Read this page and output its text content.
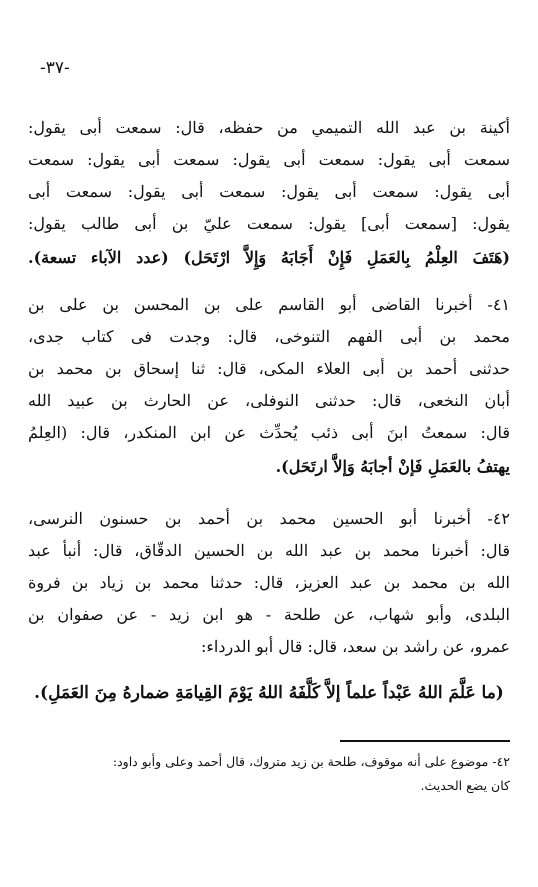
-٣٧-
أكينة بن عبد الله التميمي من حفظه، قال: سمعت أبى يقول:
سمعت أبى يقول: سمعت أبى يقول: سمعت أبى يقول: سمعت
أبى يقول: سمعت أبى يقول: سمعت أبى يقول: سمعت أبى
يقول: [سمعت أبى] يقول: سمعت عليّ بن أبى طالب يقول:
(هَتَفَ العِلْمُ بِالعَمَلِ فَإِنْ أَجَابَهُ وَإِلاَّ ارْتَحَل) (عدد الآباء تسعة).
٤١- أخبرنا القاضى أبو القاسم على بن المحسن بن على بن
محمد بن أبى الفهم التنوخى، قال: وجدت فى كتاب جدى،
حدثنى أحمد بن أبى العلاء المكى، قال: ثنا إسحاق بن محمد بن
أبان النخعى، قال: حدثنى النوفلى، عن الحارث بن عبيد الله
قال: سمعتُ ابنَ أبى ذئب يُحدِّث عن ابن المنكدر، قال: (العِلمُ
يهتفُ بالعَمَلِ فَإنْ أجابَهُ وَإلاَّ ارتَحَل).
٤٢- أخبرنا أبو الحسين محمد بن أحمد بن حسنون النرسى،
قال: أخبرنا محمد بن عبد الله بن الحسين الدقّاق، قال: أنبأ عبد
الله بن محمد بن عبد العزيز، قال: حدثنا محمد بن زياد بن فروة
البلدى، وأبو شهاب، عن طلحة - هو ابن زيد - عن صفوان بن
عمرو، عن راشد بن سعد، قال: قال أبو الدرداء:
(ما عَلَّمَ اللهُ عَبْداً علماً إلاَّ كَلَّفَهُ اللهُ يَوْمَ القِيامَةِ ضمارهُ مِنَ العَمَلِ).
٤٢- موضوع على أنه موقوف، طلحة بن زيد متروك، قال أحمد وعلى وأبو داود:
كان يضع الحديث.
